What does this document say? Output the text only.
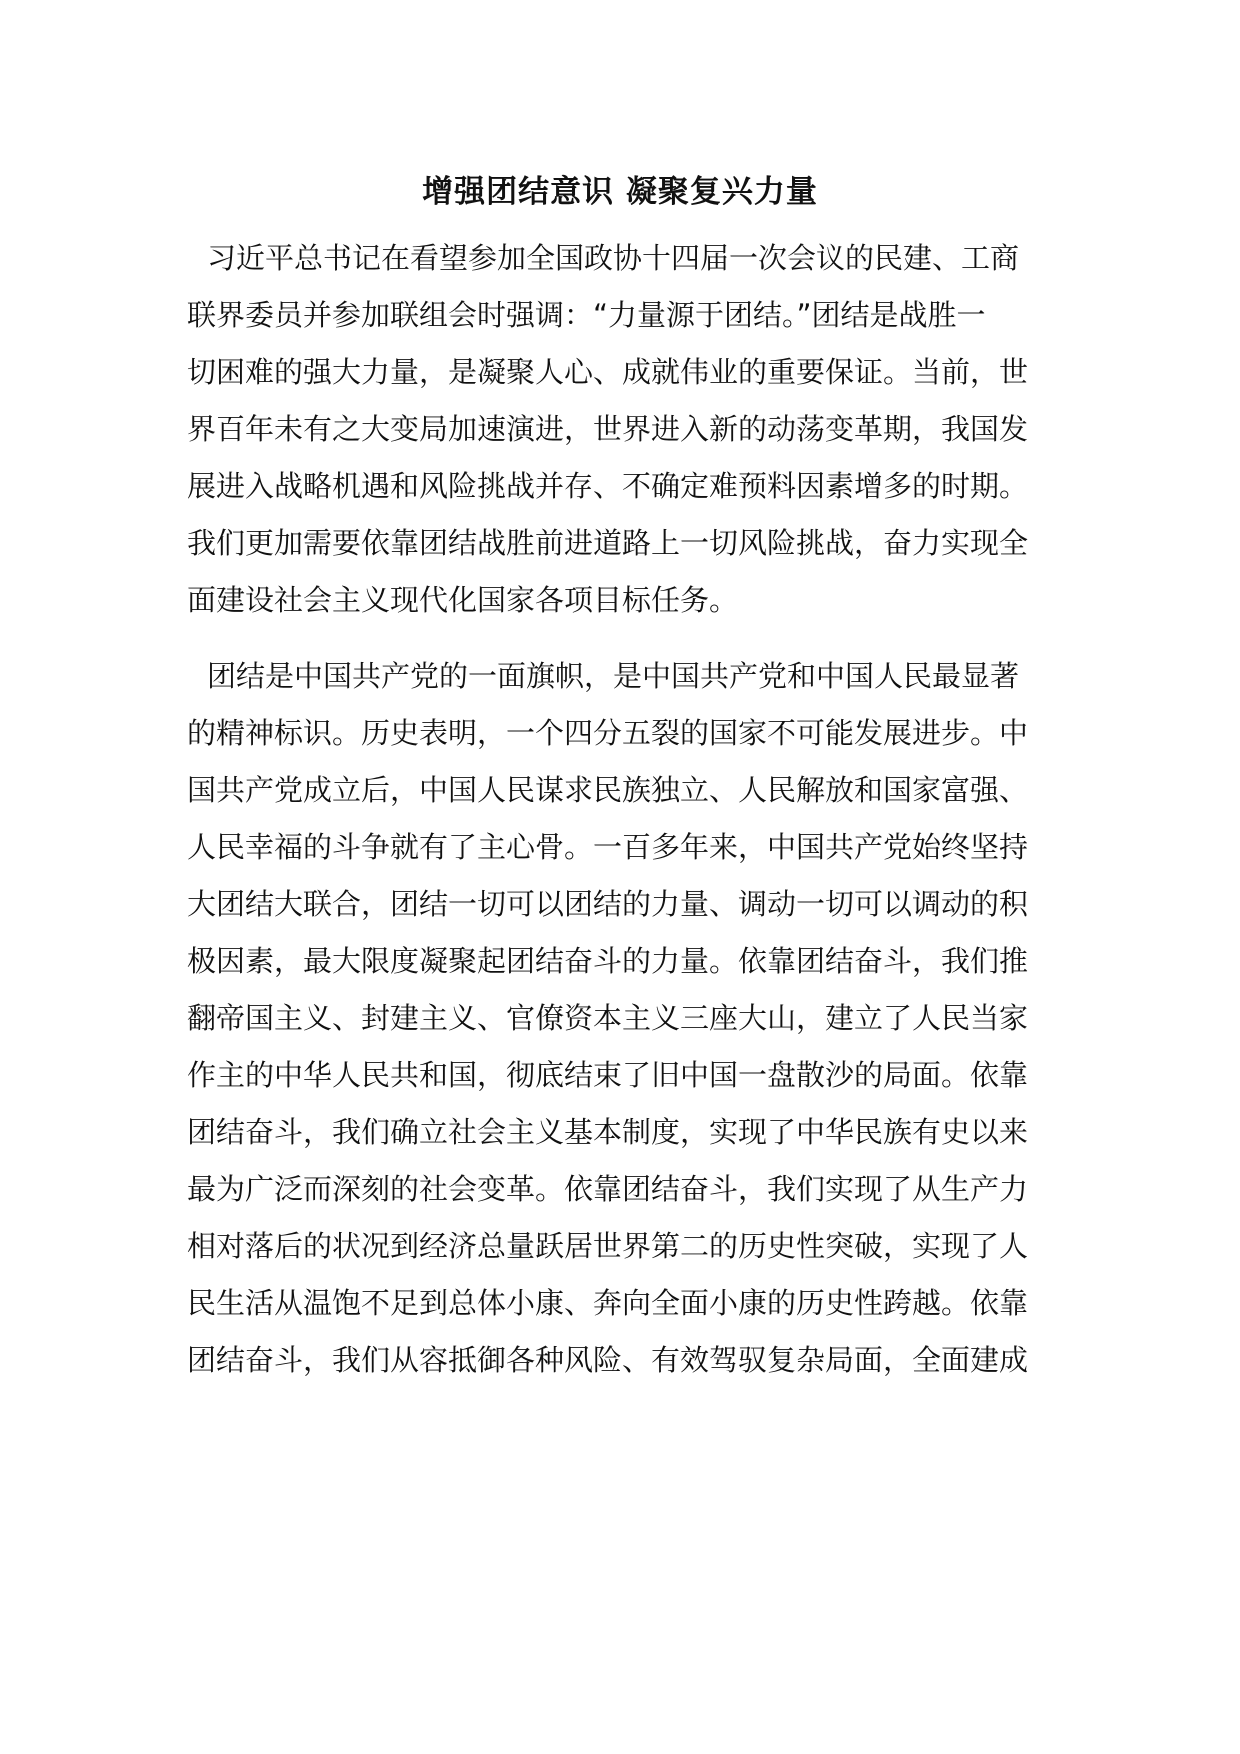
增强团结意识 凝聚复兴力量
习近平总书记在看望参加全国政协十四届一次会议的民建、工商
联界委员并参加联组会时强调：“力量源于团结。”团结是战胜一
切困难的强大力量，是凝聚人心、成就伟业的重要保证。当前，世
界百年未有之大变局加速演进，世界进入新的动荡变革期，我国发
展进入战略机遇和风险挑战并存、不确定难预料因素增多的时期。
我们更加需要依靠团结战胜前进道路上一切风险挑战，奋力实现全
面建设社会主义现代化国家各项目标任务。
团结是中国共产党的一面旗帜，是中国共产党和中国人民最显著
的精神标识。历史表明，一个四分五裂的国家不可能发展进步。中
国共产党成立后，中国人民谋求民族独立、人民解放和国家富强、
人民幸福的斗争就有了主心骨。一百多年来，中国共产党始终坚持
大团结大联合，团结一切可以团结的力量、调动一切可以调动的积
极因素，最大限度凝聚起团结奋斗的力量。依靠团结奋斗，我们推
翻帝国主义、封建主义、官僚资本主义三座大山，建立了人民当家
作主的中华人民共和国，彻底结束了旧中国一盘散沙的局面。依靠
团结奋斗，我们确立社会主义基本制度，实现了中华民族有史以来
最为广泛而深刻的社会变革。依靠团结奋斗，我们实现了从生产力
相对落后的状况到经济总量跃居世界第二的历史性突破，实现了人
民生活从温饱不足到总体小康、奔向全面小康的历史性跨越。依靠
团结奋斗，我们从容抵御各种风险、有效驾驭复杂局面，全面建成
